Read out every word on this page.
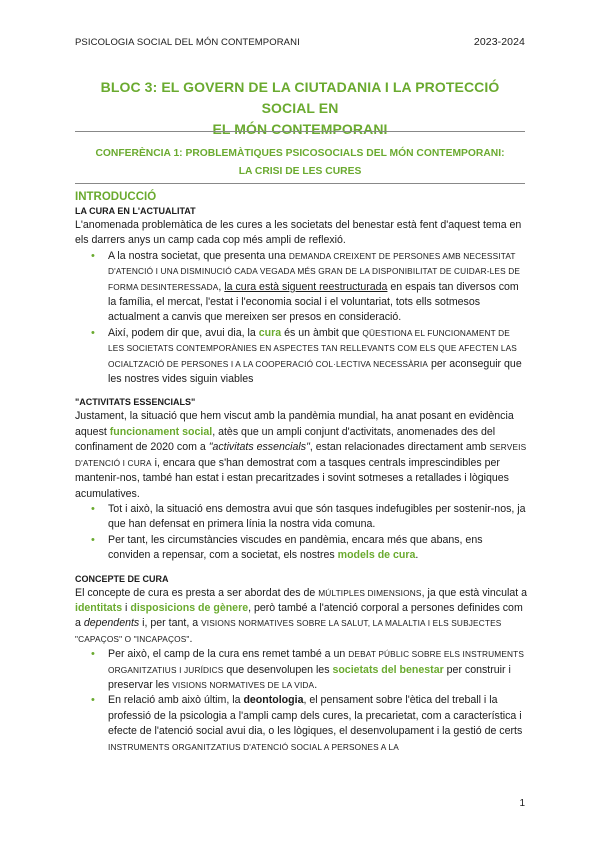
PSICOLOGIA SOCIAL DEL MÓN CONTEMPORANI	2023-2024
BLOC 3: EL GOVERN DE LA CIUTADANIA I LA PROTECCIÓ SOCIAL EN
EL MÓN CONTEMPORANI
CONFERÈNCIA 1: PROBLEMÀTIQUES PSICOSOCIALS DEL MÓN CONTEMPORANI:
LA CRISI DE LES CURES

INTRODUCCIÓ

LA CURA EN L'ACTUALITAT

L'anomenada problemàtica de les cures a les societats del benestar està fent d'aquest tema en els darrers anys un camp cada cop més ampli de reflexió.

• A la nostra societat, que presenta una DEMANDA CREIXENT DE PERSONES AMB NECESSITAT D'ATENCIÓ I UNA DISMINUCIÓ CADA VEGADA MÉS GRAN DE LA DISPONIBILITAT DE CUIDAR-LES DE FORMA DESINTERESSADA, la cura està siguent reestructurada en espais tan diversos com la família, el mercat, l'estat i l'economia social i el voluntariat, tots ells sotmesos actualment a canvis que mereixen ser presos en consideració.
• Així, podem dir que, avui dia, la cura és un àmbit que QÜESTIONA EL FUNCIONAMENT DE LES SOCIETATS CONTEMPORÀNIES EN ASPECTES TAN RELLEVANTS COM ELS QUE AFECTEN LAS OCIALTZACIÓ DE PERSONES I A LA COOPERACIÓ COL·LECTIVA NECESSÀRIA per aconseguir que les nostres vides siguin viables

"ACTIVITATS ESSENCIALS"

Justament, la situació que hem viscut amb la pandèmia mundial, ha anat posant en evidència aquest funcionament social, atès que un ampli conjunt d'activitats, anomenades des del confinament de 2020 com a "activitats essencials", estan relacionades directament amb SERVEIS D'ATENCIÓ I CURA i, encara que s'han demostrat com a tasques centrals imprescindibles per mantenir-nos, també han estat i estan precaritzades i sovint sotmeses a retallades i lògiques acumulatives.

• Tot i això, la situació ens demostra avui que són tasques indefugibles per sostenir-nos, ja que han defensat en primera línia la nostra vida comuna.
• Per tant, les circumstàncies viscudes en pandèmia, encara més que abans, ens conviden a repensar, com a societat, els nostres models de cura.

CONCEPTE DE CURA

El concepte de cura es presta a ser abordat des de MÚLTIPLES DIMENSIONS, ja que està vinculat a identitats i disposicions de gènere, però també a l'atenció corporal a persones definides com a dependents i, per tant, a VISIONS NORMATIVES SOBRE LA SALUT, LA MALALTIA I ELS SUBJECTES "CAPAÇOS" O "INCAPAÇOS".

• Per això, el camp de la cura ens remet també a un DEBAT PÚBLIC SOBRE ELS INSTRUMENTS ORGANITZATIUS I JURÍDICS que desenvolupen les societats del benestar per construir i preservar les VISIONS NORMATIVES DE LA VIDA.
• En relació amb això últim, la deontologia, el pensament sobre l'ètica del treball i la professió de la psicologia a l'ampli camp dels cures, la precarietat, com a característica i efecte de l'atenció social avui dia, o les lògiques, el desenvolupament i la gestió de certs INSTRUMENTS ORGANITZATIUS D'ATENCIÓ SOCIAL A PERSONES A LA
1
